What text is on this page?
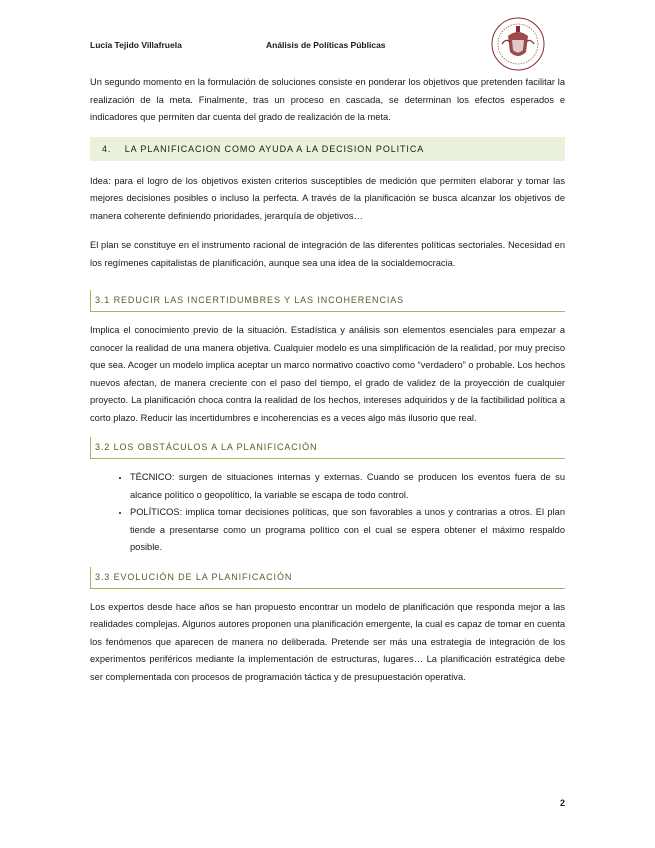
Lucía Tejido Villafruela	Análisis de Políticas Públicas

Un segundo momento en la formulación de soluciones consiste en ponderar los objetivos que pretenden facilitar la realización de la meta. Finalmente, tras un proceso en cascada, se determinan los efectos esperados e indicadores que permiten dar cuenta del grado de realización de la meta.

4. LA PLANIFICACION COMO AYUDA A LA DECISION POLITICA

Idea: para el logro de los objetivos existen criterios susceptibles de medición que permiten elaborar y tomar las mejores decisiones posibles o incluso la perfecta. A través de la planificación se busca alcanzar los objetivos de manera coherente definiendo prioridades, jerarquía de objetivos…

El plan se constituye en el instrumento racional de integración de las diferentes políticas sectoriales. Necesidad en los regímenes capitalistas de planificación, aunque sea una idea de la socialdemocracia.

3.1 REDUCIR LAS INCERTIDUMBRES Y LAS INCOHERENCIAS

Implica el conocimiento previo de la situación. Estadística y análisis son elementos esenciales para empezar a conocer la realidad de una manera objetiva. Cualquier modelo es una simplificación de la realidad, por muy preciso que sea. Acoger un modelo implica aceptar un marco normativo coactivo como “verdadero” o probable. Los hechos nuevos afectan, de manera creciente con el paso del tiempo, el grado de validez de la proyección de cualquier proyecto. La planificación choca contra la realidad de los hechos, intereses adquiridos y de la factibilidad política a corto plazo. Reducir las incertidumbres e incoherencias es a veces algo más ilusorio que real.

3.2 LOS OBSTÁCULOS A LA PLANIFICACIÓN
• TÉCNICO: surgen de situaciones internas y externas. Cuando se producen los eventos fuera de su alcance político o geopolítico, la variable se escapa de todo control.
• POLÍTICOS: implica tomar decisiones políticas, que son favorables a unos y contrarias a otros. El plan tiende a presentarse como un programa político con el cual se espera obtener el máximo respaldo posible.
3.3 EVOLUCIÓN DE LA PLANIFICACIÓN

Los expertos desde hace años se han propuesto encontrar un modelo de planificación que responda mejor a las realidades complejas. Algunos autores proponen una planificación emergente, la cual es capaz de tomar en cuenta los fenómenos que aparecen de manera no deliberada. Pretende ser más una estrategia de integración de los experimentos periféricos mediante la implementación de estructuras, lugares… La planificación estratégica debe ser complementada con procesos de programación táctica y de presupuestación operativa.

2
